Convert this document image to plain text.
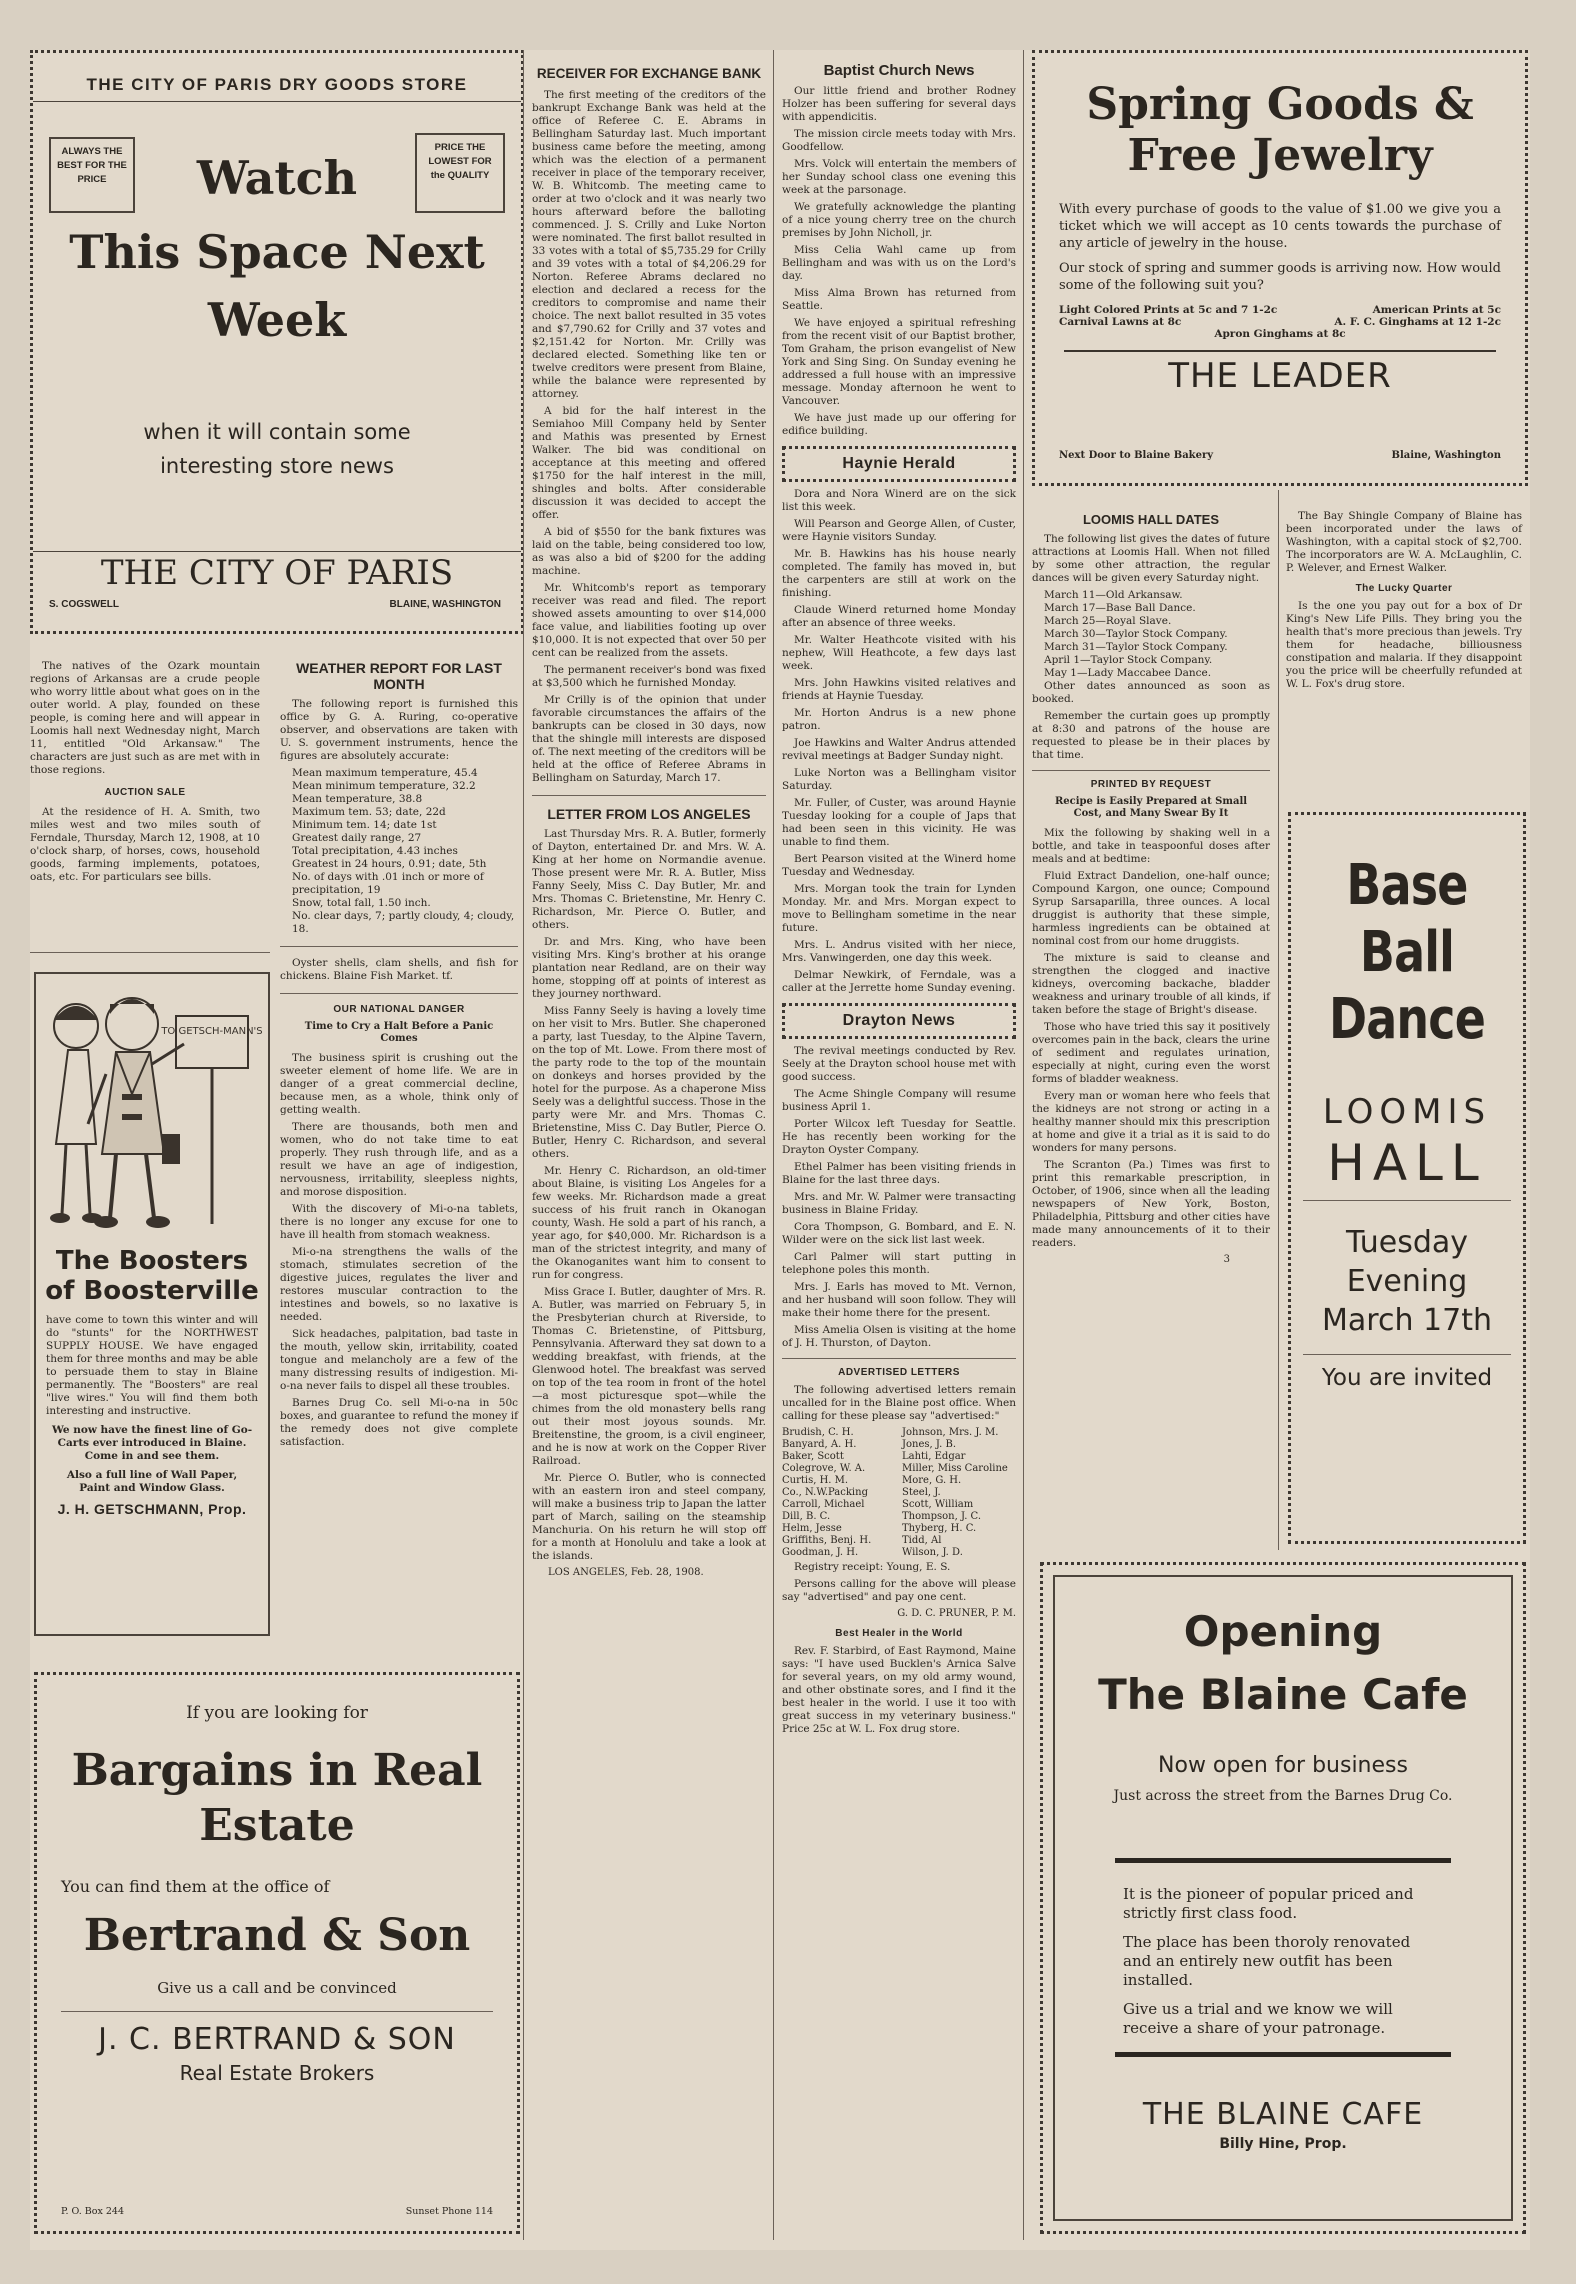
THE CITY OF PARIS DRY GOODS STORE
ALWAYS THE BEST FOR THE PRICE
PRICE THE LOWEST FOR the QUALITY
Watch
This Space Next
Week
when it will contain some interesting store news
THE CITY OF PARIS
S. COGSWELL	BLAINE, WASHINGTON

The natives of the Ozark mountain regions of Arkansas are a crude people who worry little about what goes on in the outer world. A play, founded on these people, is coming here and will appear in Loomis hall next Wednesday night, March 11, entitled "Old Arkansaw." The characters are just such as are met with in those regions.

AUCTION SALE

At the residence of H. A. Smith, two miles west and two miles south of Ferndale, Thursday, March 12, 1908, at 10 o'clock sharp, of horses, cows, household goods, farming implements, potatoes, oats, etc. For particulars see bills.

TO GETSCH-MANN'S
The Boosters
of Boosterville

have come to town this winter and will do "stunts" for the NORTHWEST SUPPLY HOUSE. We have engaged them for three months and may be able to persuade them to stay in Blaine permanently. The "Boosters" are real "live wires." You will find them both interesting and instructive.

We now have the finest line of Go-Carts ever introduced in Blaine. Come in and see them.

Also a full line of Wall Paper, Paint and Window Glass.

J. H. GETSCHMANN, Prop.
WEATHER REPORT FOR LAST MONTH

The following report is furnished this office by G. A. Ruring, co-operative observer, and observations are taken with U. S. government instruments, hence the figures are absolutely accurate:

Mean maximum temperature, 45.4
Mean minimum temperature, 32.2
Mean temperature, 38.8
Maximum tem. 53; date, 22d
Minimum tem. 14; date 1st
Greatest daily range, 27
Total precipitation, 4.43 inches
Greatest in 24 hours, 0.91; date, 5th
No. of days with .01 inch or more of precipitation, 19
Snow, total fall, 1.50 inch.
No. clear days, 7; partly cloudy, 4; cloudy, 18.

Oyster shells, clam shells, and fish for chickens. Blaine Fish Market. tf.

OUR NATIONAL DANGER
Time to Cry a Halt Before a Panic Comes

The business spirit is crushing out the sweeter element of home life. We are in danger of a great commercial decline, because men, as a whole, think only of getting wealth.

There are thousands, both men and women, who do not take time to eat properly. They rush through life, and as a result we have an age of indigestion, nervousness, irritability, sleepless nights, and morose disposition.

With the discovery of Mi-o-na tablets, there is no longer any excuse for one to have ill health from stomach weakness.

Mi-o-na strengthens the walls of the stomach, stimulates secretion of the digestive juices, regulates the liver and restores muscular contraction to the intestines and bowels, so no laxative is needed.

Sick headaches, palpitation, bad taste in the mouth, yellow skin, irritability, coated tongue and melancholy are a few of the many distressing results of indigestion. Mi-o-na never fails to dispel all these troubles.

Barnes Drug Co. sell Mi-o-na in 50c boxes, and guarantee to refund the money if the remedy does not give complete satisfaction.

If you are looking for
Bargains in Real
Estate
You can find them at the office of
Bertrand & Son
Give us a call and be convinced
J. C. BERTRAND & SON
Real Estate Brokers
P. O. Box 244	Sunset Phone 114
RECEIVER FOR EXCHANGE BANK

The first meeting of the creditors of the bankrupt Exchange Bank was held at the office of Referee C. E. Abrams in Bellingham Saturday last. Much important business came before the meeting, among which was the election of a permanent receiver in place of the temporary receiver, W. B. Whitcomb. The meeting came to order at two o'clock and it was nearly two hours afterward before the balloting commenced. J. S. Crilly and Luke Norton were nominated. The first ballot resulted in 33 votes with a total of $5,735.29 for Crilly and 39 votes with a total of $4,206.29 for Norton. Referee Abrams declared no election and declared a recess for the creditors to compromise and name their choice. The next ballot resulted in 35 votes and $7,790.62 for Crilly and 37 votes and $2,151.42 for Norton. Mr. Crilly was declared elected. Something like ten or twelve creditors were present from Blaine, while the balance were represented by attorney.

A bid for the half interest in the Semiahoo Mill Company held by Senter and Mathis was presented by Ernest Walker. The bid was conditional on acceptance at this meeting and offered $1750 for the half interest in the mill, shingles and bolts. After considerable discussion it was decided to accept the offer.

A bid of $550 for the bank fixtures was laid on the table, being considered too low, as was also a bid of $200 for the adding machine.

Mr. Whitcomb's report as temporary receiver was read and filed. The report showed assets amounting to over $14,000 face value, and liabilities footing up over $10,000. It is not expected that over 50 per cent can be realized from the assets.

The permanent receiver's bond was fixed at $3,500 which he furnished Monday.

Mr Crilly is of the opinion that under favorable circumstances the affairs of the bankrupts can be closed in 30 days, now that the shingle mill interests are disposed of. The next meeting of the creditors will be held at the office of Referee Abrams in Bellingham on Saturday, March 17.

LETTER FROM LOS ANGELES

Last Thursday Mrs. R. A. Butler, formerly of Dayton, entertained Dr. and Mrs. W. A. King at her home on Normandie avenue. Those present were Mr. R. A. Butler, Miss Fanny Seely, Miss C. Day Butler, Mr. and Mrs. Thomas C. Brietenstine, Mr. Henry C. Richardson, Mr. Pierce O. Butler, and others.

Dr. and Mrs. King, who have been visiting Mrs. King's brother at his orange plantation near Redland, are on their way home, stopping off at points of interest as they journey northward.

Miss Fanny Seely is having a lovely time on her visit to Mrs. Butler. She chaperoned a party, last Tuesday, to the Alpine Tavern, on the top of Mt. Lowe. From there most of the party rode to the top of the mountain on donkeys and horses provided by the hotel for the purpose. As a chaperone Miss Seely was a delightful success. Those in the party were Mr. and Mrs. Thomas C. Brietenstine, Miss C. Day Butler, Pierce O. Butler, Henry C. Richardson, and several others.

Mr. Henry C. Richardson, an old-timer about Blaine, is visiting Los Angeles for a few weeks. Mr. Richardson made a great success of his fruit ranch in Okanogan county, Wash. He sold a part of his ranch, a year ago, for $40,000. Mr. Richardson is a man of the strictest integrity, and many of the Okanoganites want him to consent to run for congress.

Miss Grace I. Butler, daughter of Mrs. R. A. Butler, was married on February 5, in the Presbyterian church at Riverside, to Thomas C. Brietenstine, of Pittsburg, Pennsylvania. Afterward they sat down to a wedding breakfast, with friends, at the Glenwood hotel. The breakfast was served on top of the tea room in front of the hotel—a most picturesque spot—while the chimes from the old monastery bells rang out their most joyous sounds. Mr. Breitenstine, the groom, is a civil engineer, and he is now at work on the Copper River Railroad.

Mr. Pierce O. Butler, who is connected with an eastern iron and steel company, will make a business trip to Japan the latter part of March, sailing on the steamship Manchuria. On his return he will stop off for a month at Honolulu and take a look at the islands.

LOS ANGELES, Feb. 28, 1908.
Baptist Church News

Our little friend and brother Rodney Holzer has been suffering for several days with appendicitis.

The mission circle meets today with Mrs. Goodfellow.

Mrs. Volck will entertain the members of her Sunday school class one evening this week at the parsonage.

We gratefully acknowledge the planting of a nice young cherry tree on the church premises by John Nicholl, jr.

Miss Celia Wahl came up from Bellingham and was with us on the Lord's day.

Miss Alma Brown has returned from Seattle.

We have enjoyed a spiritual refreshing from the recent visit of our Baptist brother, Tom Graham, the prison evangelist of New York and Sing Sing. On Sunday evening he addressed a full house with an impressive message. Monday afternoon he went to Vancouver.

We have just made up our offering for edifice building.

Haynie Herald

Dora and Nora Winerd are on the sick list this week.

Will Pearson and George Allen, of Custer, were Haynie visitors Sunday.

Mr. B. Hawkins has his house nearly completed. The family has moved in, but the carpenters are still at work on the finishing.

Claude Winerd returned home Monday after an absence of three weeks.

Mr. Walter Heathcote visited with his nephew, Will Heathcote, a few days last week.

Mrs. John Hawkins visited relatives and friends at Haynie Tuesday.

Mr. Horton Andrus is a new phone patron.

Joe Hawkins and Walter Andrus attended revival meetings at Badger Sunday night.

Luke Norton was a Bellingham visitor Saturday.

Mr. Fuller, of Custer, was around Haynie Tuesday looking for a couple of Japs that had been seen in this vicinity. He was unable to find them.

Bert Pearson visited at the Winerd home Tuesday and Wednesday.

Mrs. Morgan took the train for Lynden Monday. Mr. and Mrs. Morgan expect to move to Bellingham sometime in the near future.

Mrs. L. Andrus visited with her niece, Mrs. Vanwingerden, one day this week.

Delmar Newkirk, of Ferndale, was a caller at the Jerrette home Sunday evening.

Drayton News

The revival meetings conducted by Rev. Seely at the Drayton school house met with good success.

The Acme Shingle Company will resume business April 1.

Porter Wilcox left Tuesday for Seattle. He has recently been working for the Drayton Oyster Company.

Ethel Palmer has been visiting friends in Blaine for the last three days.

Mrs. and Mr. W. Palmer were transacting business in Blaine Friday.

Cora Thompson, G. Bombard, and E. N. Wilder were on the sick list last week.

Carl Palmer will start putting in telephone poles this month.

Mrs. J. Earls has moved to Mt. Vernon, and her husband will soon follow. They will make their home there for the present.

Miss Amelia Olsen is visiting at the home of J. H. Thurston, of Dayton.

ADVERTISED LETTERS

The following advertised letters remain uncalled for in the Blaine post office. When calling for these please say "advertised:"

Brudish, C. H.	Johnson, Mrs. J. M.
Banyard, A. H.	Jones, J. B.
Baker, Scott	Lahti, Edgar
Colegrove, W. A.	Miller, Miss Caroline
Curtis, H. M.	More, G. H.
Co., N.W.Packing	Steel, J.
Carroll, Michael	Scott, William
Dill, B. C.	Thompson, J. C.
Helm, Jesse	Thyberg, H. C.
Griffiths, Benj. H.	Tidd, Al
Goodman, J. H.	Wilson, J. D.

Registry receipt: Young, E. S.

Persons calling for the above will please say "advertised" and pay one cent.

G. D. C. PRUNER, P. M.
Best Healer in the World

Rev. F. Starbird, of East Raymond, Maine says: "I have used Bucklen's Arnica Salve for several years, on my old army wound, and other obstinate sores, and I find it the best healer in the world. I use it too with great success in my veterinary business." Price 25c at W. L. Fox drug store.

Spring Goods &
Free Jewelry

With every purchase of goods to the value of $1.00 we give you a ticket which we will accept as 10 cents towards the purchase of any article of jewelry in the house.

Our stock of spring and summer goods is arriving now. How would some of the following suit you?

Light Colored Prints at 5c and 7 1-2c	American Prints at 5c
Carnival Lawns at 8c	A. F. C. Ginghams at 12 1-2c
Apron Ginghams at 8c
THE LEADER
Next Door to Blaine Bakery	Blaine, Washington
LOOMIS HALL DATES

The following list gives the dates of future attractions at Loomis Hall. When not filled by some other attraction, the regular dances will be given every Saturday night.

March 11—Old Arkansaw.
March 17—Base Ball Dance.
March 25—Royal Slave.
March 30—Taylor Stock Company.
March 31—Taylor Stock Company.
April 1—Taylor Stock Company.
May 1—Lady Maccabee Dance.

Other dates announced as soon as booked.

Remember the curtain goes up promptly at 8:30 and patrons of the house are requested to please be in their places by that time.

PRINTED BY REQUEST
Recipe is Easily Prepared at Small Cost, and Many Swear By It

Mix the following by shaking well in a bottle, and take in teaspoonful doses after meals and at bedtime:

Fluid Extract Dandelion, one-half ounce; Compound Kargon, one ounce; Compound Syrup Sarsaparilla, three ounces. A local druggist is authority that these simple, harmless ingredients can be obtained at nominal cost from our home druggists.

The mixture is said to cleanse and strengthen the clogged and inactive kidneys, overcoming backache, bladder weakness and urinary trouble of all kinds, if taken before the stage of Bright's disease.

Those who have tried this say it positively overcomes pain in the back, clears the urine of sediment and regulates urination, especially at night, curing even the worst forms of bladder weakness.

Every man or woman here who feels that the kidneys are not strong or acting in a healthy manner should mix this prescription at home and give it a trial as it is said to do wonders for many persons.

The Scranton (Pa.) Times was first to print this remarkable prescription, in October, of 1906, since when all the leading newspapers of New York, Boston, Philadelphia, Pittsburg and other cities have made many announcements of it to their readers.

3

The Bay Shingle Company of Blaine has been incorporated under the laws of Washington, with a capital stock of $2,700. The incorporators are W. A. McLaughlin, C. P. Welever, and Ernest Walker.

The Lucky Quarter

Is the one you pay out for a box of Dr King's New Life Pills. They bring you the health that's more precious than jewels. Try them for headache, billiousness constipation and malaria. If they disappoint you the price will be cheerfully refunded at W. L. Fox's drug store.

Base
Ball
Dance
LOOMIS
HALL
Tuesday
Evening
March 17th
You are invited
Opening
The Blaine Cafe
Now open for business
Just across the street from the Barnes Drug Co.

It is the pioneer of popular priced and strictly first class food.

The place has been thoroly renovated and an entirely new outfit has been installed.

Give us a trial and we know we will receive a share of your patronage.

THE BLAINE CAFE
Billy Hine, Prop.
